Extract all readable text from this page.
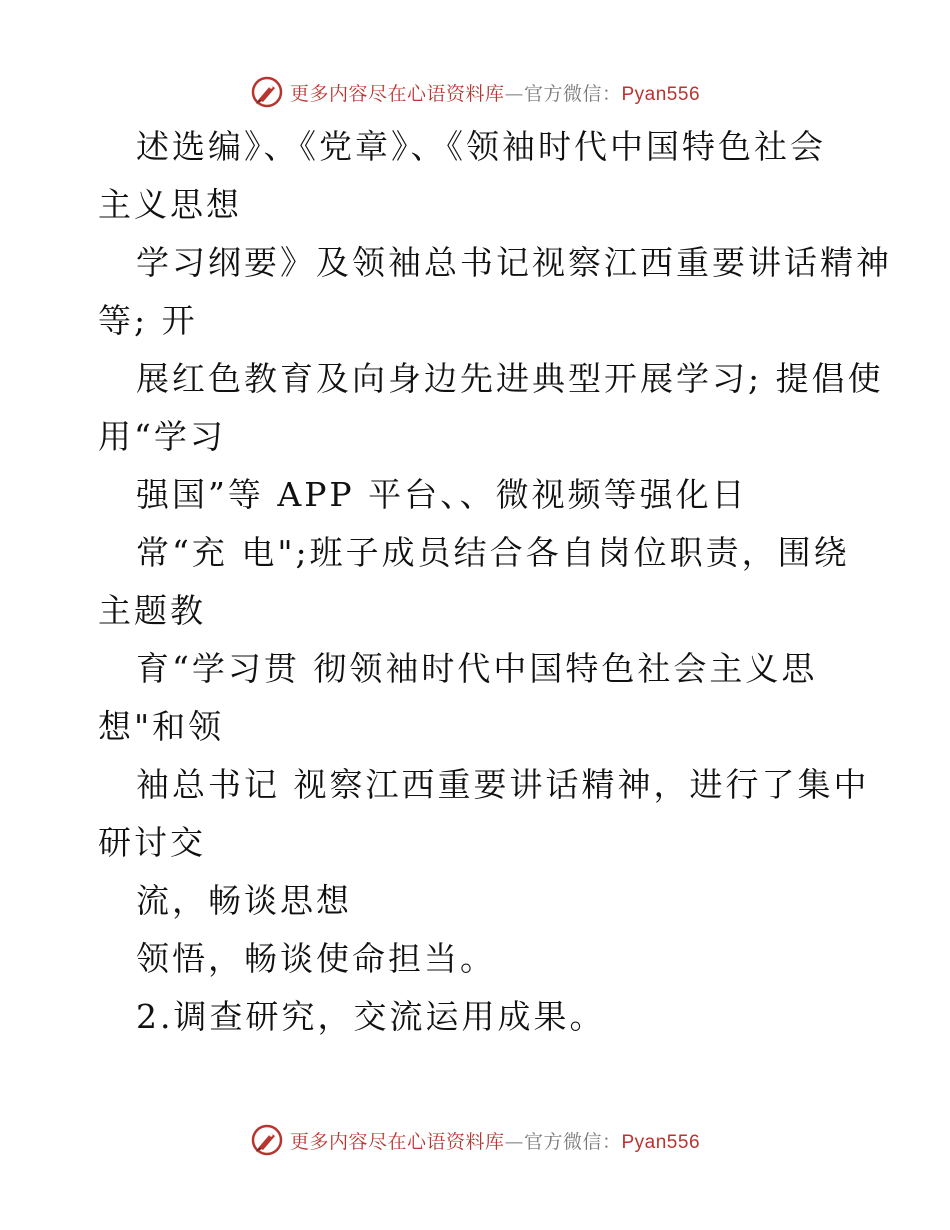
更多内容尽在心语资料库—官方微信：Pyan556
述选编》、《党章》、《领袖时代中国特色社会
主义思想
学习纲要》及领袖总书记视察江西重要讲话精神
等; 开
展红色教育及向身边先进典型开展学习; 提倡使
用“学习
强国”等 APP 平台、、微视频等强化日
常“充 电";班子成员结合各自岗位职责，围绕
主题教
育“学习贯 彻领袖时代中国特色社会主义思
想"和领
袖总书记 视察江西重要讲话精神，进行了集中
研讨交
流，畅谈思想
领悟，畅谈使命担当。
2.调查研究，交流运用成果。
更多内容尽在心语资料库—官方微信：Pyan556
